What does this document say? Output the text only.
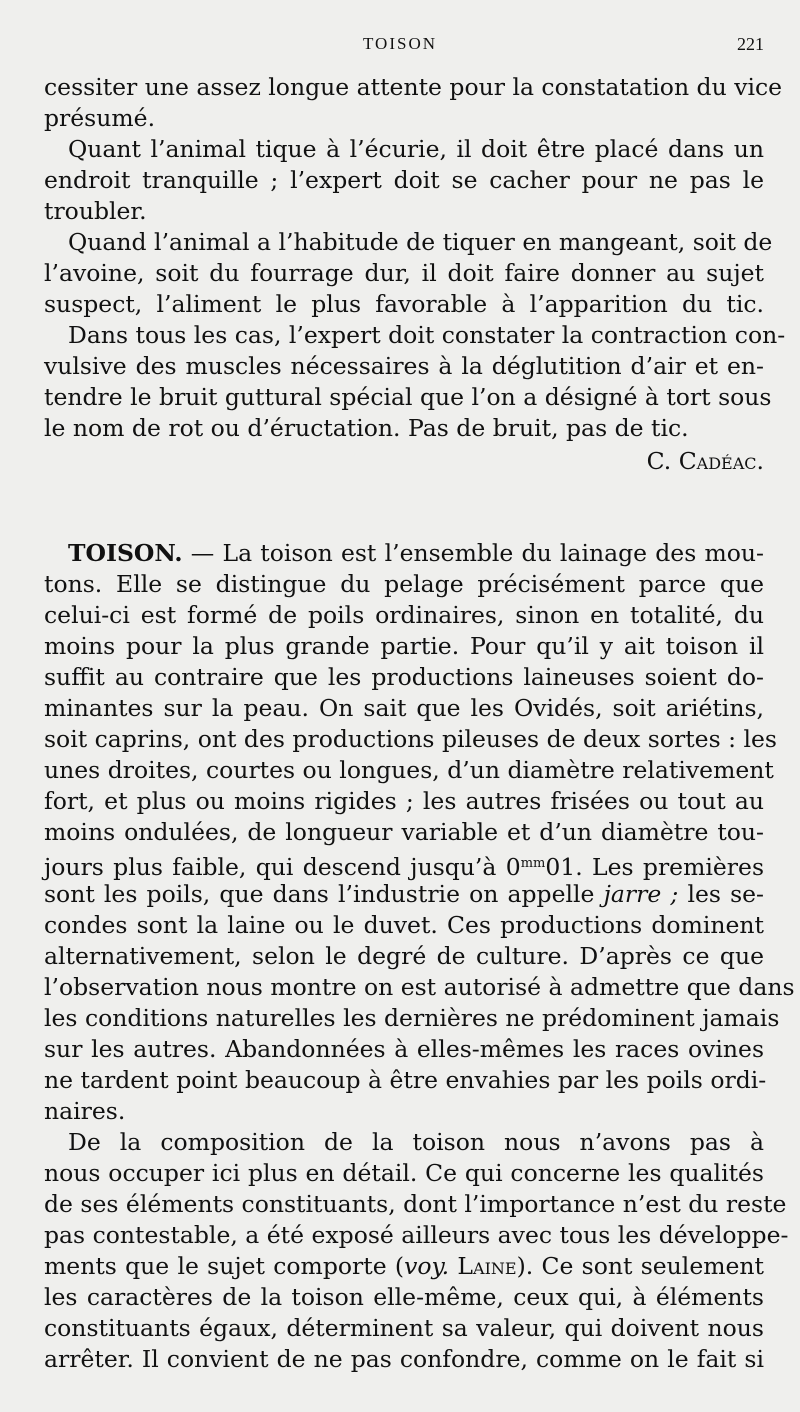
TOISON	221
cessiter une assez longue attente pour la constatation du vice
présumé.
Quant l’animal tique à l’écurie, il doit être placé dans un
endroit tranquille ; l’expert doit se cacher pour ne pas le
troubler.
Quand l’animal a l’habitude de tiquer en mangeant, soit de
l’avoine, soit du fourrage dur, il doit faire donner au sujet
suspect, l’aliment le plus favorable à l’apparition du tic.
Dans tous les cas, l’expert doit constater la contraction con-
vulsive des muscles nécessaires à la déglutition d’air et en-
tendre le bruit guttural spécial que l’on a désigné à tort sous
le nom de rot ou d’éructation. Pas de bruit, pas de tic.
C. Cadéac.
TOISON. — La toison est l’ensemble du lainage des mou-
tons. Elle se distingue du pelage précisément parce que
celui-ci est formé de poils ordinaires, sinon en totalité, du
moins pour la plus grande partie. Pour qu’il y ait toison il
suffit au contraire que les productions laineuses soient do-
minantes sur la peau. On sait que les Ovidés, soit ariétins,
soit caprins, ont des productions pileuses de deux sortes : les
unes droites, courtes ou longues, d’un diamètre relativement
fort, et plus ou moins rigides ; les autres frisées ou tout au
moins ondulées, de longueur variable et d’un diamètre tou-
jours plus faible, qui descend jusqu’à $0^{mm}01$. Les premières
sont les poils, que dans l’industrie on appelle jarre ; les se-
condes sont la laine ou le duvet. Ces productions dominent
alternativement, selon le degré de culture. D’après ce que
l’observation nous montre on est autorisé à admettre que dans
les conditions naturelles les dernières ne prédominent jamais
sur les autres. Abandonnées à elles-mêmes les races ovines
ne tardent point beaucoup à être envahies par les poils ordi-
naires.
De la composition de la toison nous n’avons pas à
nous occuper ici plus en détail. Ce qui concerne les qualités
de ses éléments constituants, dont l’importance n’est du reste
pas contestable, a été exposé ailleurs avec tous les développe-
ments que le sujet comporte (voy. Laine). Ce sont seulement
les caractères de la toison elle-même, ceux qui, à éléments
constituants égaux, déterminent sa valeur, qui doivent nous
arrêter. Il convient de ne pas confondre, comme on le fait si
